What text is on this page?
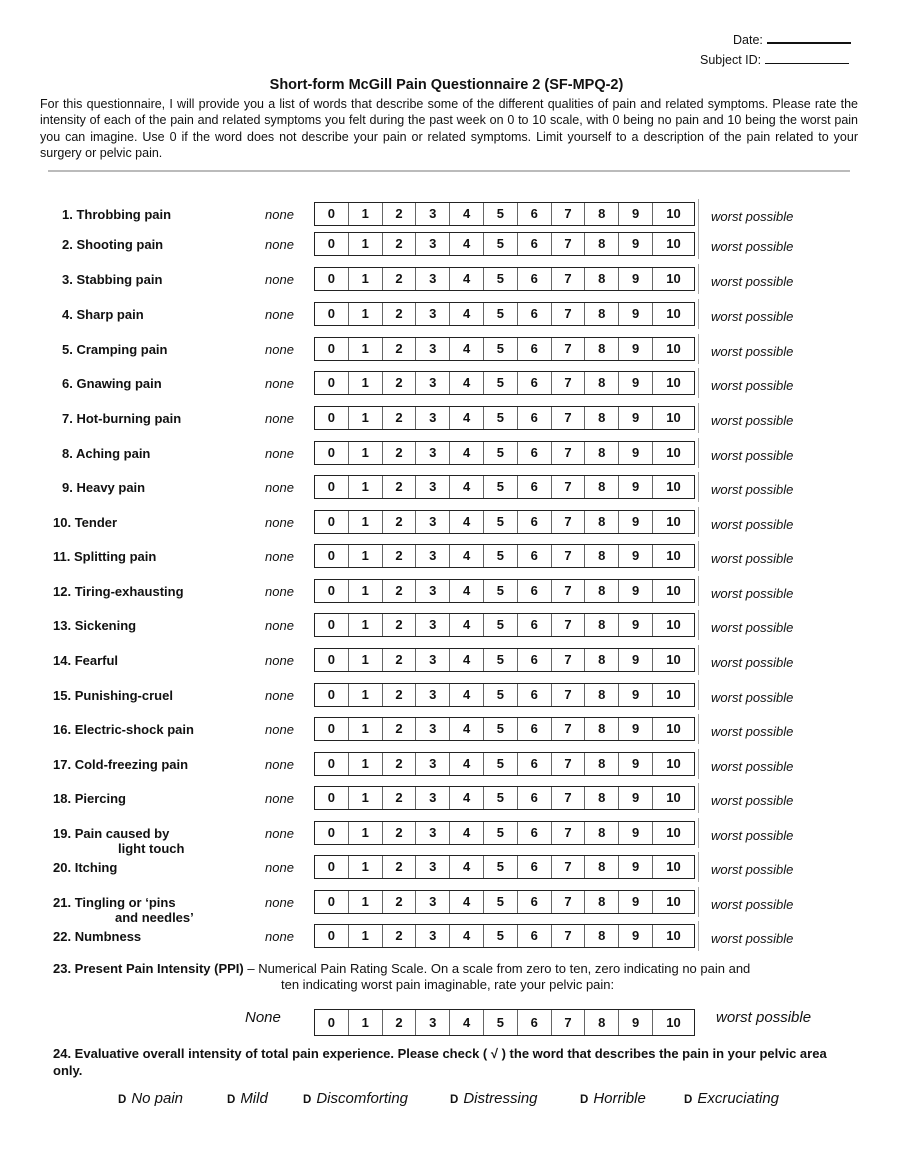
Date:
Subject ID:
Short-form McGill Pain Questionnaire 2 (SF-MPQ-2)
For this questionnaire, I will provide you a list of words that describe some of the different qualities of pain and related symptoms. Please rate the intensity of each of the pain and related symptoms you felt during the past week on 0 to 10 scale, with 0 being no pain and 10 being the worst pain you can imagine. Use 0 if the word does not describe your pain or related symptoms. Limit yourself to a description of the pain related to your surgery or pelvic pain.
1. Throbbing pain	none	0	1	2	3	4	5	6	7	8	9	10	worst possible
2. Shooting pain	none	0	1	2	3	4	5	6	7	8	9	10	worst possible
3. Stabbing pain	none	0	1	2	3	4	5	6	7	8	9	10	worst possible
4. Sharp pain	none	0	1	2	3	4	5	6	7	8	9	10	worst possible
5. Cramping pain	none	0	1	2	3	4	5	6	7	8	9	10	worst possible
6. Gnawing pain	none	0	1	2	3	4	5	6	7	8	9	10	worst possible
7. Hot-burning pain	none	0	1	2	3	4	5	6	7	8	9	10	worst possible
8. Aching pain	none	0	1	2	3	4	5	6	7	8	9	10	worst possible
9. Heavy pain	none	0	1	2	3	4	5	6	7	8	9	10	worst possible
10. Tender	none	0	1	2	3	4	5	6	7	8	9	10	worst possible
11. Splitting pain	none	0	1	2	3	4	5	6	7	8	9	10	worst possible
12. Tiring-exhausting	none	0	1	2	3	4	5	6	7	8	9	10	worst possible
13. Sickening	none	0	1	2	3	4	5	6	7	8	9	10	worst possible
14. Fearful	none	0	1	2	3	4	5	6	7	8	9	10	worst possible
15. Punishing-cruel	none	0	1	2	3	4	5	6	7	8	9	10	worst possible
16. Electric-shock pain	none	0	1	2	3	4	5	6	7	8	9	10	worst possible
17. Cold-freezing pain	none	0	1	2	3	4	5	6	7	8	9	10	worst possible
18. Piercing	none	0	1	2	3	4	5	6	7	8	9	10	worst possible
19. Pain caused by
light touch
none	0	1	2	3	4	5	6	7	8	9	10	worst possible
20. Itching	none	0	1	2	3	4	5	6	7	8	9	10	worst possible
21. Tingling or ‘pins
and needles’
none	0	1	2	3	4	5	6	7	8	9	10	worst possible
22. Numbness	none	0	1	2	3	4	5	6	7	8	9	10	worst possible
23. Present Pain Intensity (PPI) – Numerical Pain Rating Scale. On a scale from zero to ten, zero indicating no pain and
ten indicating worst pain imaginable, rate your pelvic pain:
None	0	1	2	3	4	5	6	7	8	9	10	worst possible
24. Evaluative overall intensity of total pain experience. Please check ( √ ) the word that describes the pain in your pelvic area only.
D No pain	D Mild	D Discomforting	D Distressing	D Horrible	D Excruciating
